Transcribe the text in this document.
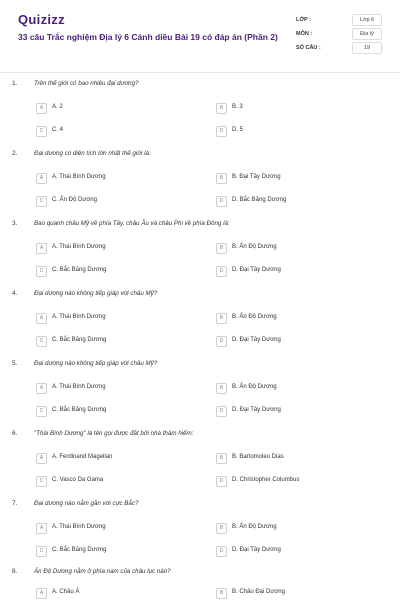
Quizizz
33 câu Trắc nghiệm Địa lý 6 Cánh diều Bài 19 có đáp án (Phần 2)
LỚP :	Lớp 6
MÔN :	Địa lý
SỐ CÂU :	19
1.	Trên thế giới có bao nhiêu đại dương?
A	A. 2	B	B. 3
C	C. 4	D	D. 5
2.	Đại dương có diện tích lớn nhất thế giới là:
A	A. Thái Bình Dương	B	B. Đại Tây Dương
C	C. Ấn Độ Dương	D	D. Bắc Băng Dương
3.	Bao quanh châu Mỹ về phía Tây, châu Âu và châu Phi về phía Đông là:
A	A. Thái Bình Dương	B	B. Ấn Độ Dương
C	C. Bắc Băng Dương	D	D. Đại Tây Dương
4.	Đại dương nào không tiếp giáp với châu Mỹ?
A	A. Thái Bình Dương	B	B. Ấn Độ Dương
C	C. Bắc Băng Dương	D	D. Đại Tây Dương
5.	Đại dương nào không tiếp giáp với châu Mỹ?
A	A. Thái Bình Dương	B	B. Ấn Độ Dương
C	C. Bắc Băng Dương	D	D. Đại Tây Dương
6.	"Thái Bình Dương" là tên gọi được đặt bởi nhà thám hiểm:
A	A. Ferdinand Magellan	B	B. Bartomoleu Dias
C	C. Vasco Da Gama	D	D. Christopher Columbus
7.	Đại dương nào nằm gần với cực Bắc?
A	A. Thái Bình Dương	B	B. Ấn Độ Dương
C	C. Bắc Băng Dương	D	D. Đại Tây Dương
8.	Ấn Độ Dương nằm ở phía nam của châu lục nào?
A	A. Châu Á	B	B. Châu Đại Dương
